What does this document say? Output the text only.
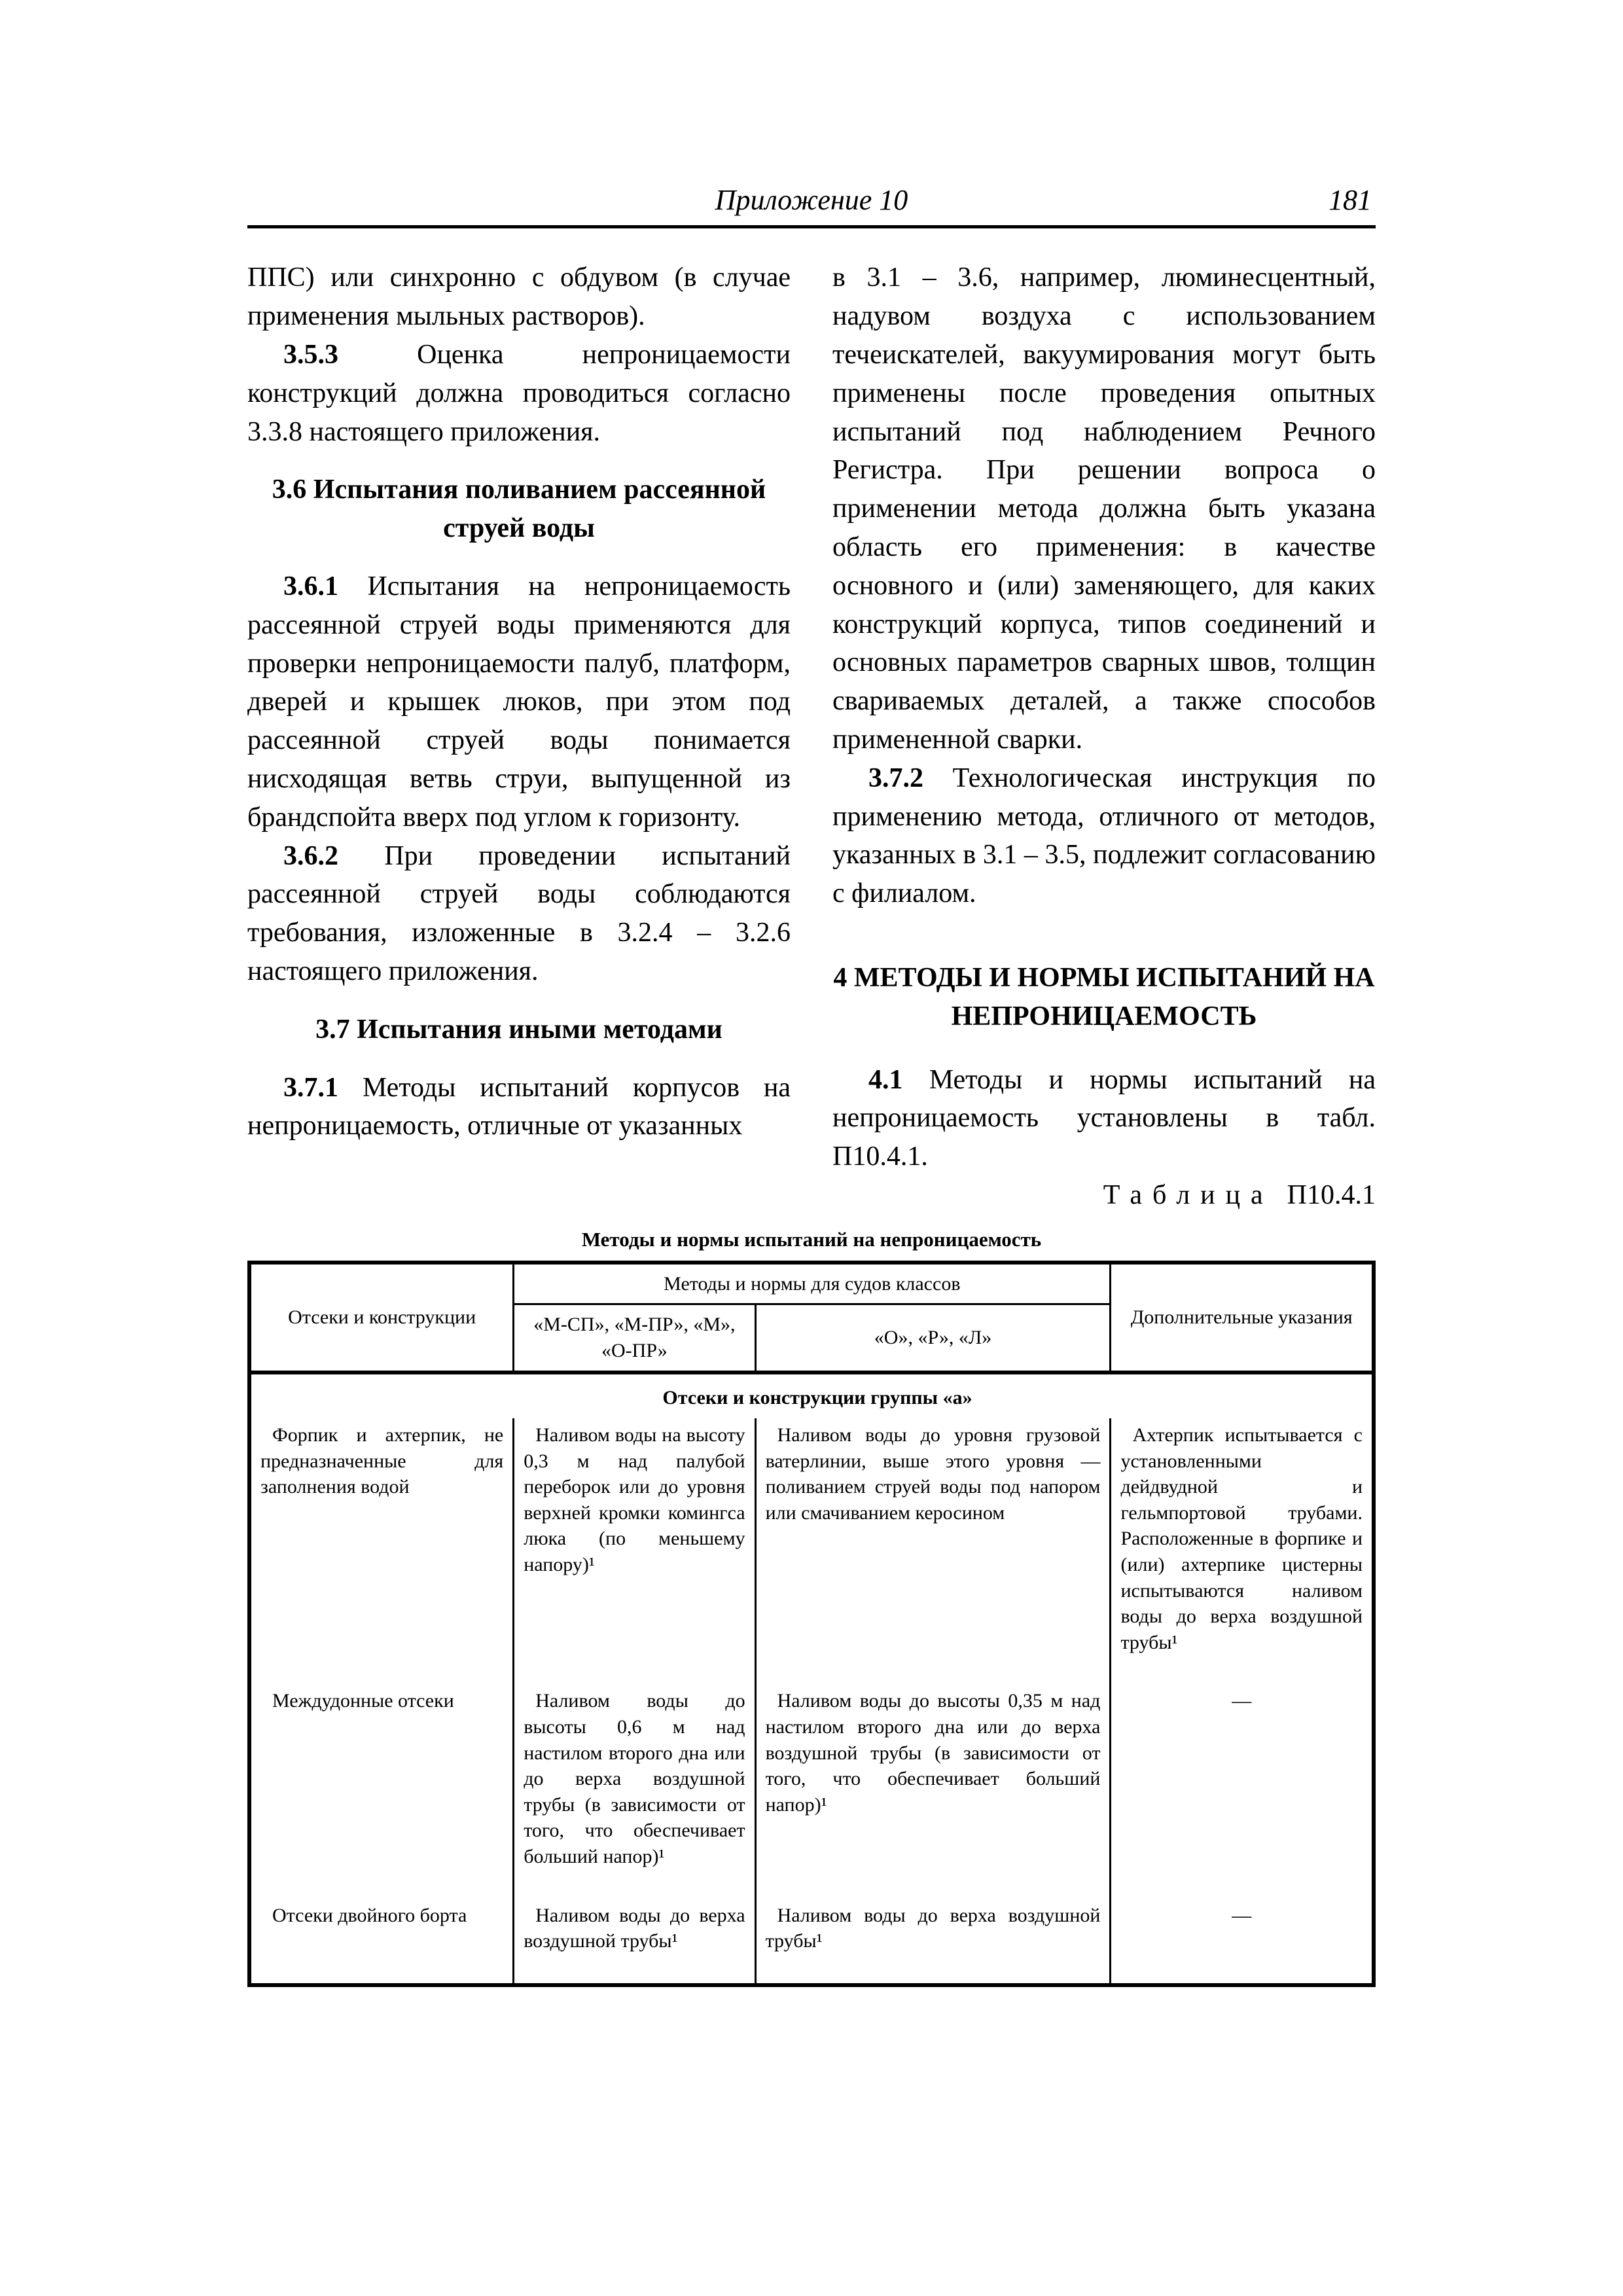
Приложение 10	181

ППС) или синхронно с обдувом (в случае применения мыльных растворов).

3.5.3	Оценка непроницаемости конструкций должна проводиться согласно 3.3.8 настоящего приложения.

3.6 Испытания поливанием рассеянной струей воды

3.6.1 Испытания на непроницаемость рассеянной струей воды применяются для проверки непроницаемости палуб, платформ, дверей и крышек люков, при этом под рассеянной струей воды понимается нисходящая ветвь струи, выпущенной из брандспойта вверх под углом к горизонту.

3.6.2 При проведении испытаний рассеянной струей воды соблюдаются требования, изложенные в 3.2.4 – 3.2.6 настоящего приложения.

3.7 Испытания иными методами

3.7.1 Методы испытаний корпусов на непроницаемость, отличные от указанных

в 3.1 – 3.6, например, люминесцентный, надувом воздуха с использованием течеискателей, вакуумирования могут быть применены после проведения опытных испытаний под наблюдением Речного Регистра. При решении вопроса о применении метода должна быть указана область его применения: в качестве основного и (или) заменяющего, для каких конструкций корпуса, типов соединений и основных параметров сварных швов, толщин свариваемых деталей, а также способов примененной сварки.

3.7.2 Технологическая инструкция по применению метода, отличного от методов, указанных в 3.1 – 3.5, подлежит согласованию с филиалом.

4 МЕТОДЫ И НОРМЫ ИСПЫТАНИЙ НА НЕПРОНИЦАЕМОСТЬ

4.1 Методы и нормы испытаний на непроницаемость установлены в табл. П10.4.1.

Таблица П10.4.1

Методы и нормы испытаний на непроницаемость
Отсеки и конструкции	Методы и нормы для судов классов		Дополнительные указания
	«М-СП», «М-ПР», «М», «О-ПР»	«О», «Р», «Л»	
Отсеки и конструкции группы «а»			
Форпик и ахтерпик, не предназначенные для заполнения водой	Наливом воды на высоту 0,3 м над палубой переборок или до уровня верхней кромки комингса люка (по меньшему напору)¹	Наливом воды до уровня грузовой ватерлинии, выше этого уровня — поливанием струей воды под напором или смачиванием керосином	Ахтерпик испытывается с установленными дейдвудной и гельмпортовой трубами. Расположенные в форпике и (или) ахтерпике цистерны испытываются наливом воды до верха воздушной трубы¹
Междудонные отсеки	Наливом воды до высоты 0,6 м над настилом второго дна или до верха воздушной трубы (в зависимости от того, что обеспечивает больший напор)¹	Наливом воды до высоты 0,35 м над настилом второго дна или до верха воздушной трубы (в зависимости от того, что обеспечивает больший напор)¹	—
Отсеки двойного борта	Наливом воды до верха воздушной трубы¹	Наливом воды до верха воздушной трубы¹	—
